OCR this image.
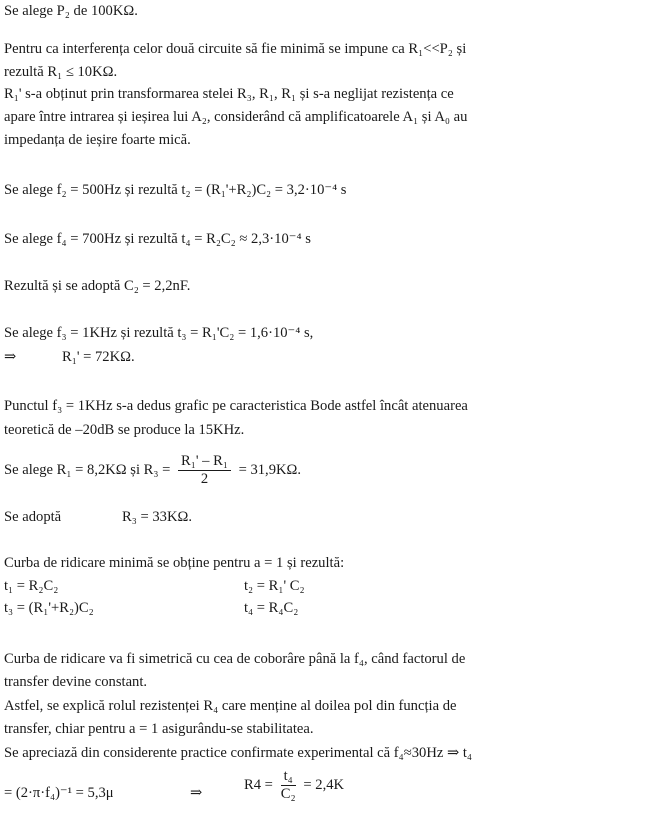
Se alege P₂ de 100KΩ.
Pentru ca interferența celor două circuite să fie minimă se impune ca R₁<<P₂ și
rezultă R₁ ≤ 10KΩ.
R₁' s-a obținut prin transformarea stelei R₃, R₁, R₁ și s-a neglijat rezistența ce
apare între intrarea și ieșirea lui A₂, considerând că amplificatoarele A₁ și A₀ au
impedanța de ieșire foarte mică.
Se alege f₂ = 500Hz și rezultă t₂ = (R₁'+R₂)C₂ = 3,2·10⁻⁴ s
Se alege f₄ = 700Hz și rezultă t₄ = R₂C₂ ≈ 2,3·10⁻⁴ s
Rezultă și se adoptă C₂ = 2,2nF.
Se alege f₃ = 1KHz și rezultă t₃ = R₁'C₂ = 1,6·10⁻⁴ s,
⇒	R₁' = 72KΩ.
Punctul f₃ = 1KHz s-a dedus grafic pe caracteristica Bode astfel încât atenuarea
teoretică de –20dB se produce la 15KHz.
Se alege R₁ = 8,2KΩ și $R_3 = \frac{\text{R₁' – R₁}}{2} = 31,9K\Omega$.
Se adoptă	R₃ = 33KΩ.
Curba de ridicare minimă se obține pentru a = 1 și rezultă:
t₁ = R₂C₂	t₂ = R₁' C₂
t₃ = (R₁'+R₂)C₂	t₄ = R₄C₂
Curba de ridicare va fi simetrică cu cea de coborâre până la f₄, când factorul de
transfer devine constant.
Astfel, se explică rolul rezistenței R₄ care menține al doilea pol din funcția de
transfer, chiar pentru a = 1 asigurându-se stabilitatea.
Se apreciază din considerente practice confirmate experimental că f₄≈30Hz ⇒ t₄
= (2·π·f₄)⁻¹ = 5,3μ	⇒	$R4 = \frac{\text{t₄}}{\text{C₂}} = 2,4K$
